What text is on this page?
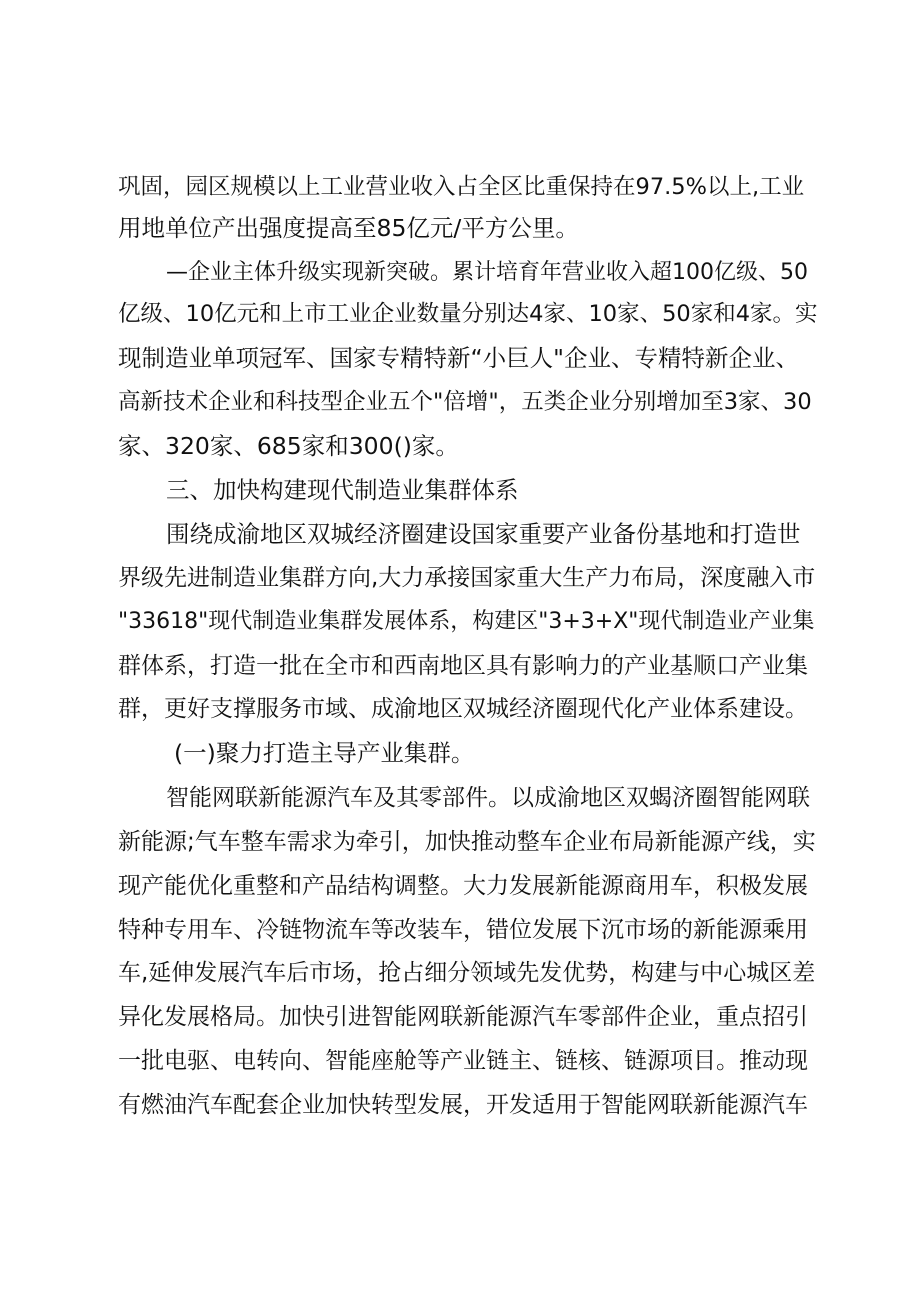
巩固，园区规模以上工业营业收入占全区比重保持在97.5%以上,工业
用地单位产出强度提高至85亿元/平方公里。
—企业主体升级实现新突破。累计培育年营业收入超100亿级、50
亿级、10亿元和上市工业企业数量分别达4家、10家、50家和4家。实
现制造业单项冠军、国家专精特新“小巨人"企业、专精特新企业、
高新技术企业和科技型企业五个"倍增"，五类企业分别增加至3家、30
家、320家、685家和300()家。
三、加快构建现代制造业集群体系
围绕成渝地区双城经济圈建设国家重要产业备份基地和打造世
界级先进制造业集群方向,大力承接国家重大生产力布局，深度融入市
"33618"现代制造业集群发展体系，构建区"3+3+X"现代制造业产业集
群体系，打造一批在全市和西南地区具有影响力的产业基顺口产业集
群，更好支撑服务市域、成渝地区双城经济圈现代化产业体系建设。
(一)聚力打造主导产业集群。
智能网联新能源汽车及其零部件。以成渝地区双蝎济圈智能网联
新能源;气车整车需求为牵引，加快推动整车企业布局新能源产线，实
现产能优化重整和产品结构调整。大力发展新能源商用车，积极发展
特种专用车、冷链物流车等改装车，错位发展下沉市场的新能源乘用
车,延伸发展汽车后市场，抢占细分领域先发优势，构建与中心城区差
异化发展格局。加快引进智能网联新能源汽车零部件企业，重点招引
一批电驱、电转向、智能座舱等产业链主、链核、链源项目。推动现
有燃油汽车配套企业加快转型发展，开发适用于智能网联新能源汽车
